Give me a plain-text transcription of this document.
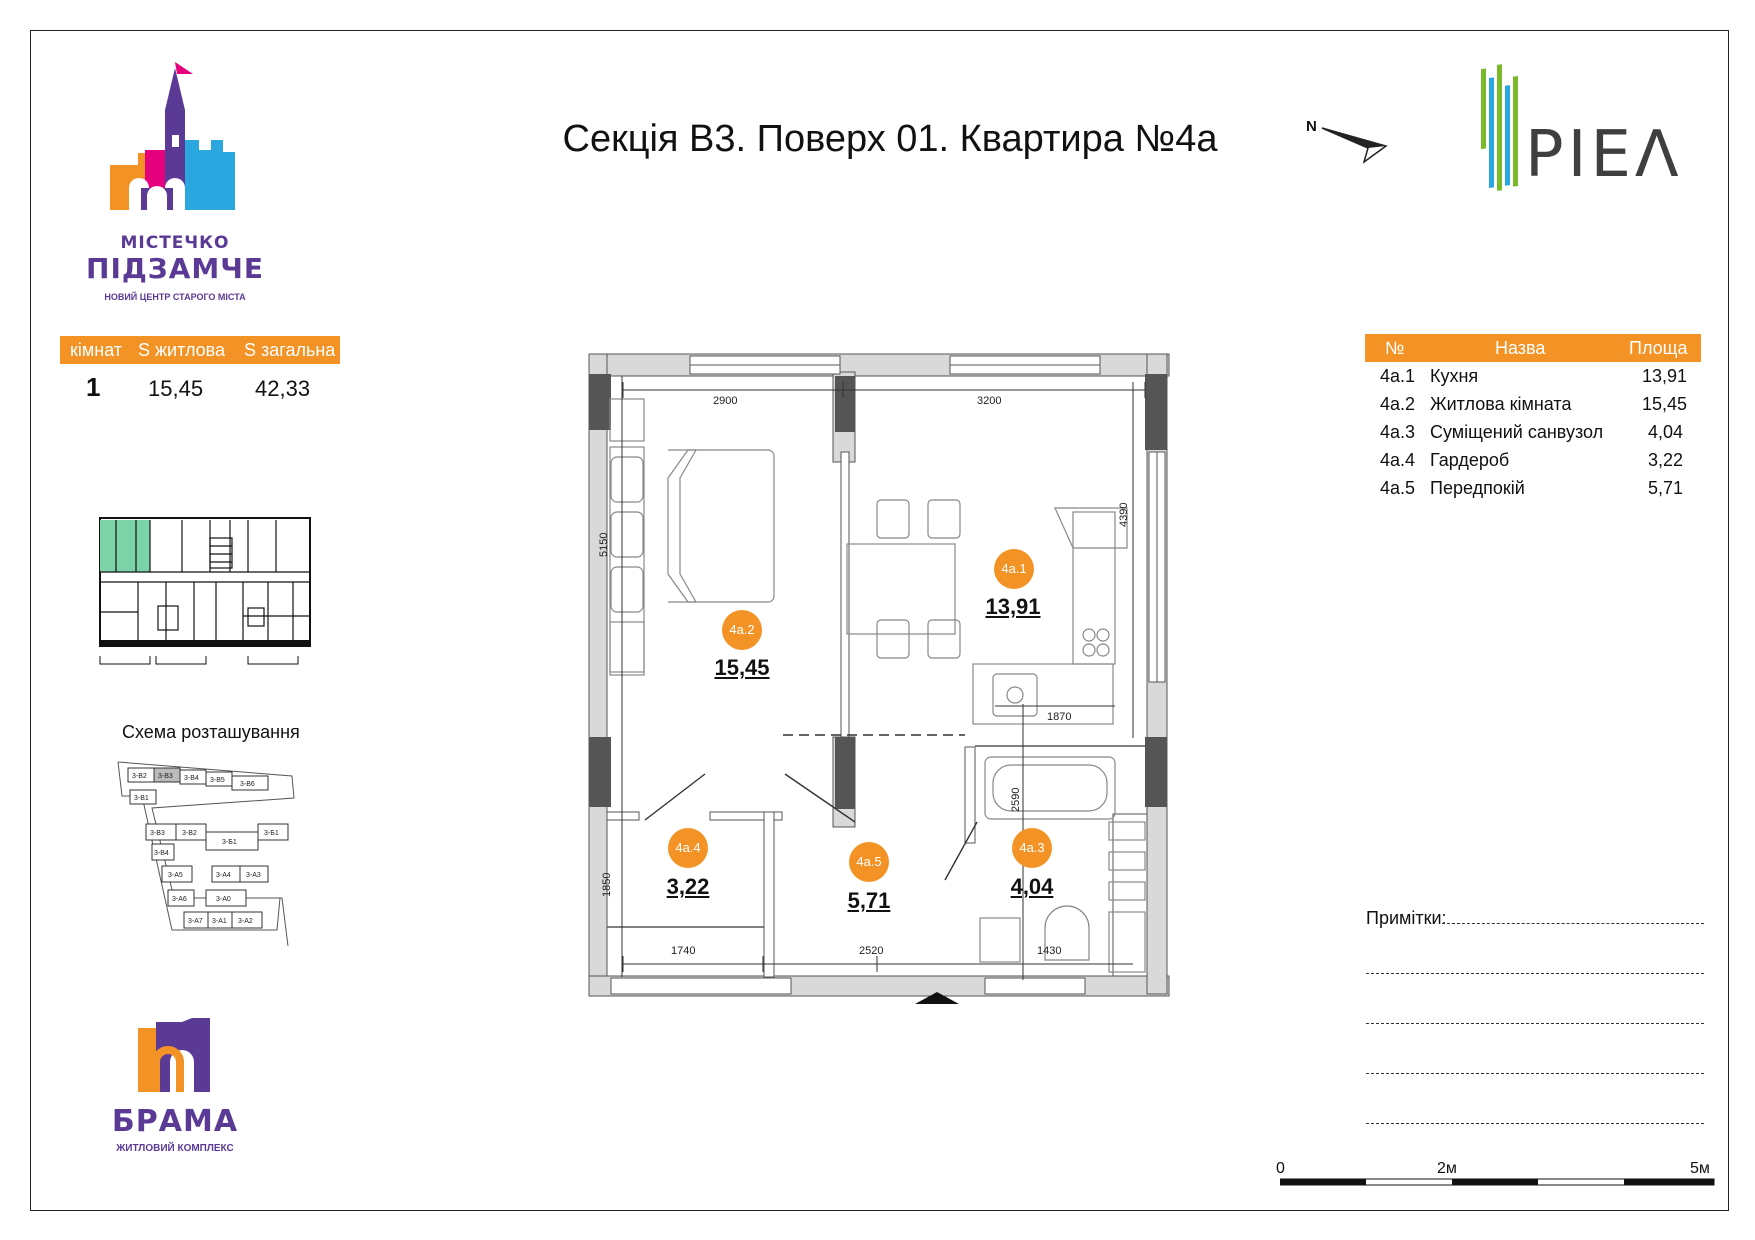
Секція В3. Поверх 01. Квартира №4а	N
МІСТЕЧКО
ПІДЗАМЧЕ
НОВИЙ ЦЕНТР СТАРОГО МІСТА
PIEΛ
кімнат S житлова S загальна
1 15,45 42,33
Схема розташування
3-В2 3-В3 3-В4 3-В5
3-В6
3-В1
3-В3 3-В2	3-Б1
3-Б1
3-В4
3-А5	3-А4 3-А3
3-А6	3-А0
3-А7 3-А1 3-А2
БРАМА
ЖИТЛОВИЙ КОМПЛЕКС
2900	3200
5150
4390
1870
2590
1850
1740	2520	1430
4а.1
13,91
4а.2
15,45
4а.3
4,04
4а.4
3,22
4а.5
5,71
№	Назва	Площа
4а.1 Кухня	13,91
4а.2 Житлова кімната	15,45
4а.3 Суміщений санвузол 4,04
4а.4 Гардероб	3,22
4а.5 Передпокій	5,71
Примітки:
0	2м	5м
